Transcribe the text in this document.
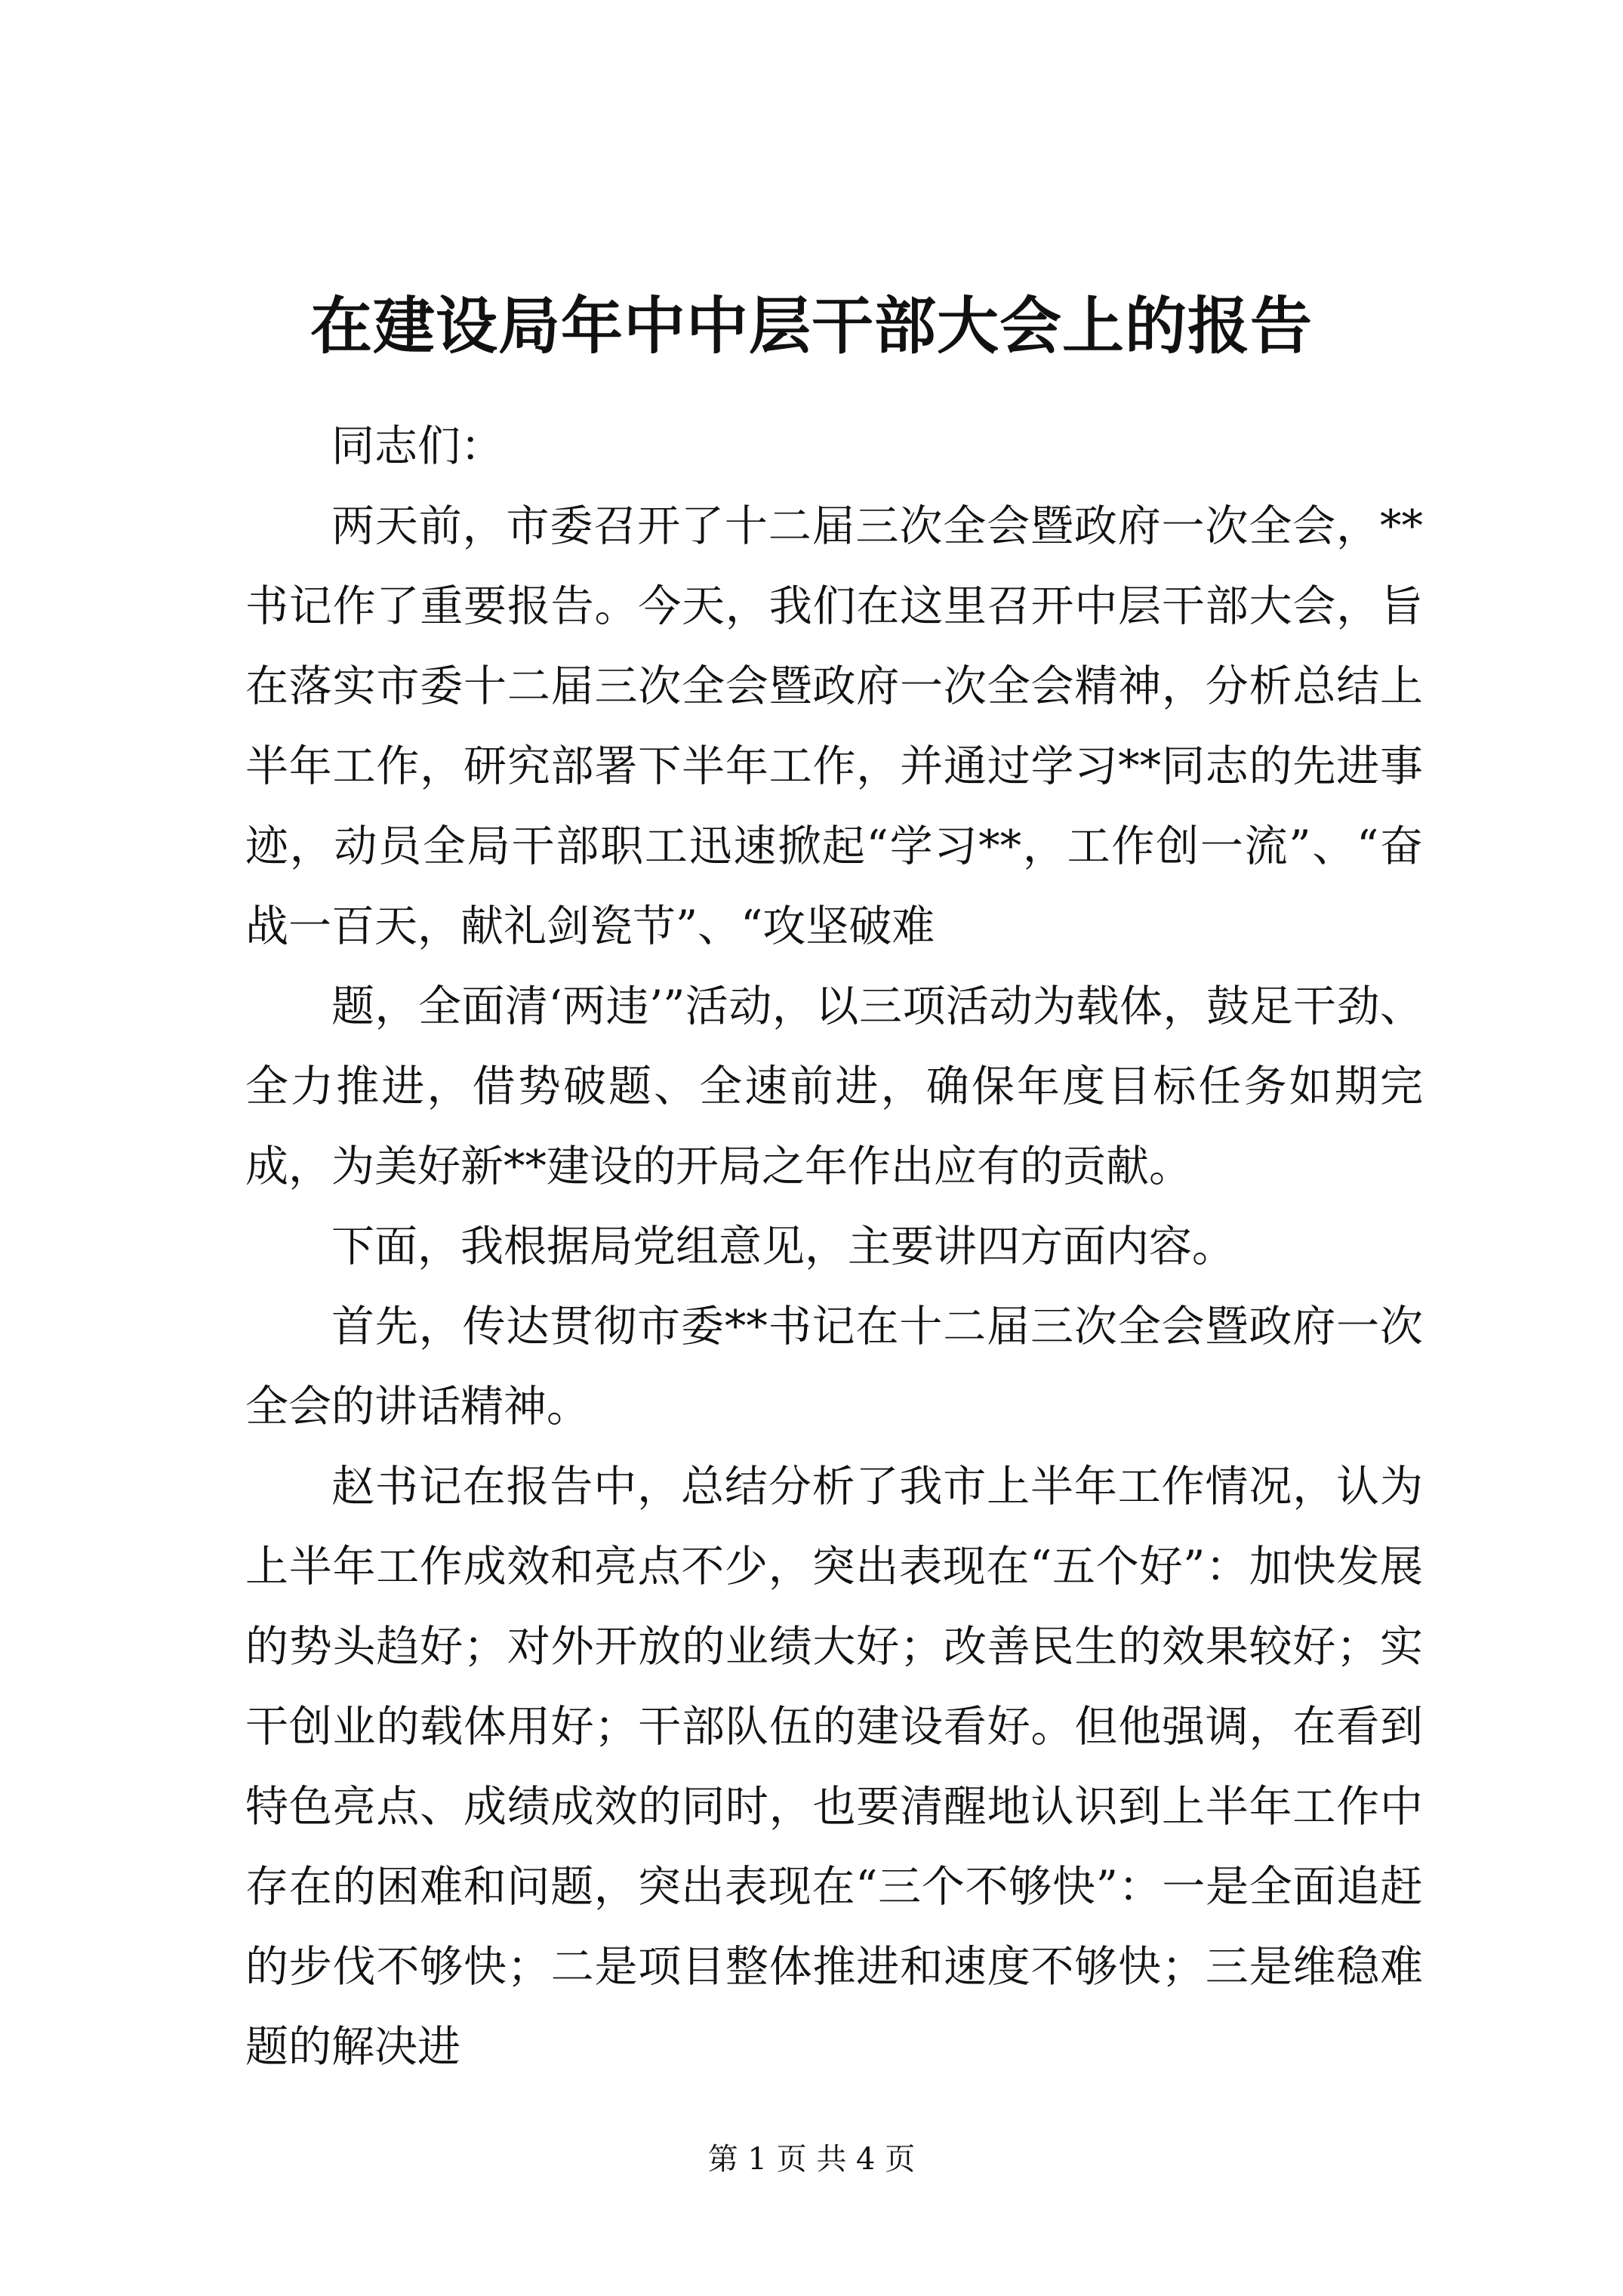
在建设局年中中层干部大会上的报告

同志们：

两天前，市委召开了十二届三次全会暨政府一次全会，**书记作了重要报告。今天，我们在这里召开中层干部大会，旨在落实市委十二届三次全会暨政府一次全会精神，分析总结上半年工作，研究部署下半年工作，并通过学习**同志的先进事迹，动员全局干部职工迅速掀起“学习**，工作创一流”、“奋战一百天，献礼剑瓷节”、“攻坚破难

题，全面清‘两违’”活动，以三项活动为载体，鼓足干劲、全力推进，借势破题、全速前进，确保年度目标任务如期完成，为美好新**建设的开局之年作出应有的贡献。

下面，我根据局党组意见，主要讲四方面内容。

首先，传达贯彻市委**书记在十二届三次全会暨政府一次全会的讲话精神。

赵书记在报告中，总结分析了我市上半年工作情况，认为上半年工作成效和亮点不少，突出表现在“五个好”：加快发展的势头趋好；对外开放的业绩大好；改善民生的效果较好；实干创业的载体用好；干部队伍的建设看好。但他强调，在看到特色亮点、成绩成效的同时，也要清醒地认识到上半年工作中存在的困难和问题，突出表现在“三个不够快”：一是全面追赶的步伐不够快；二是项目整体推进和速度不够快；三是维稳难题的解决进

第 1 页 共 4 页
